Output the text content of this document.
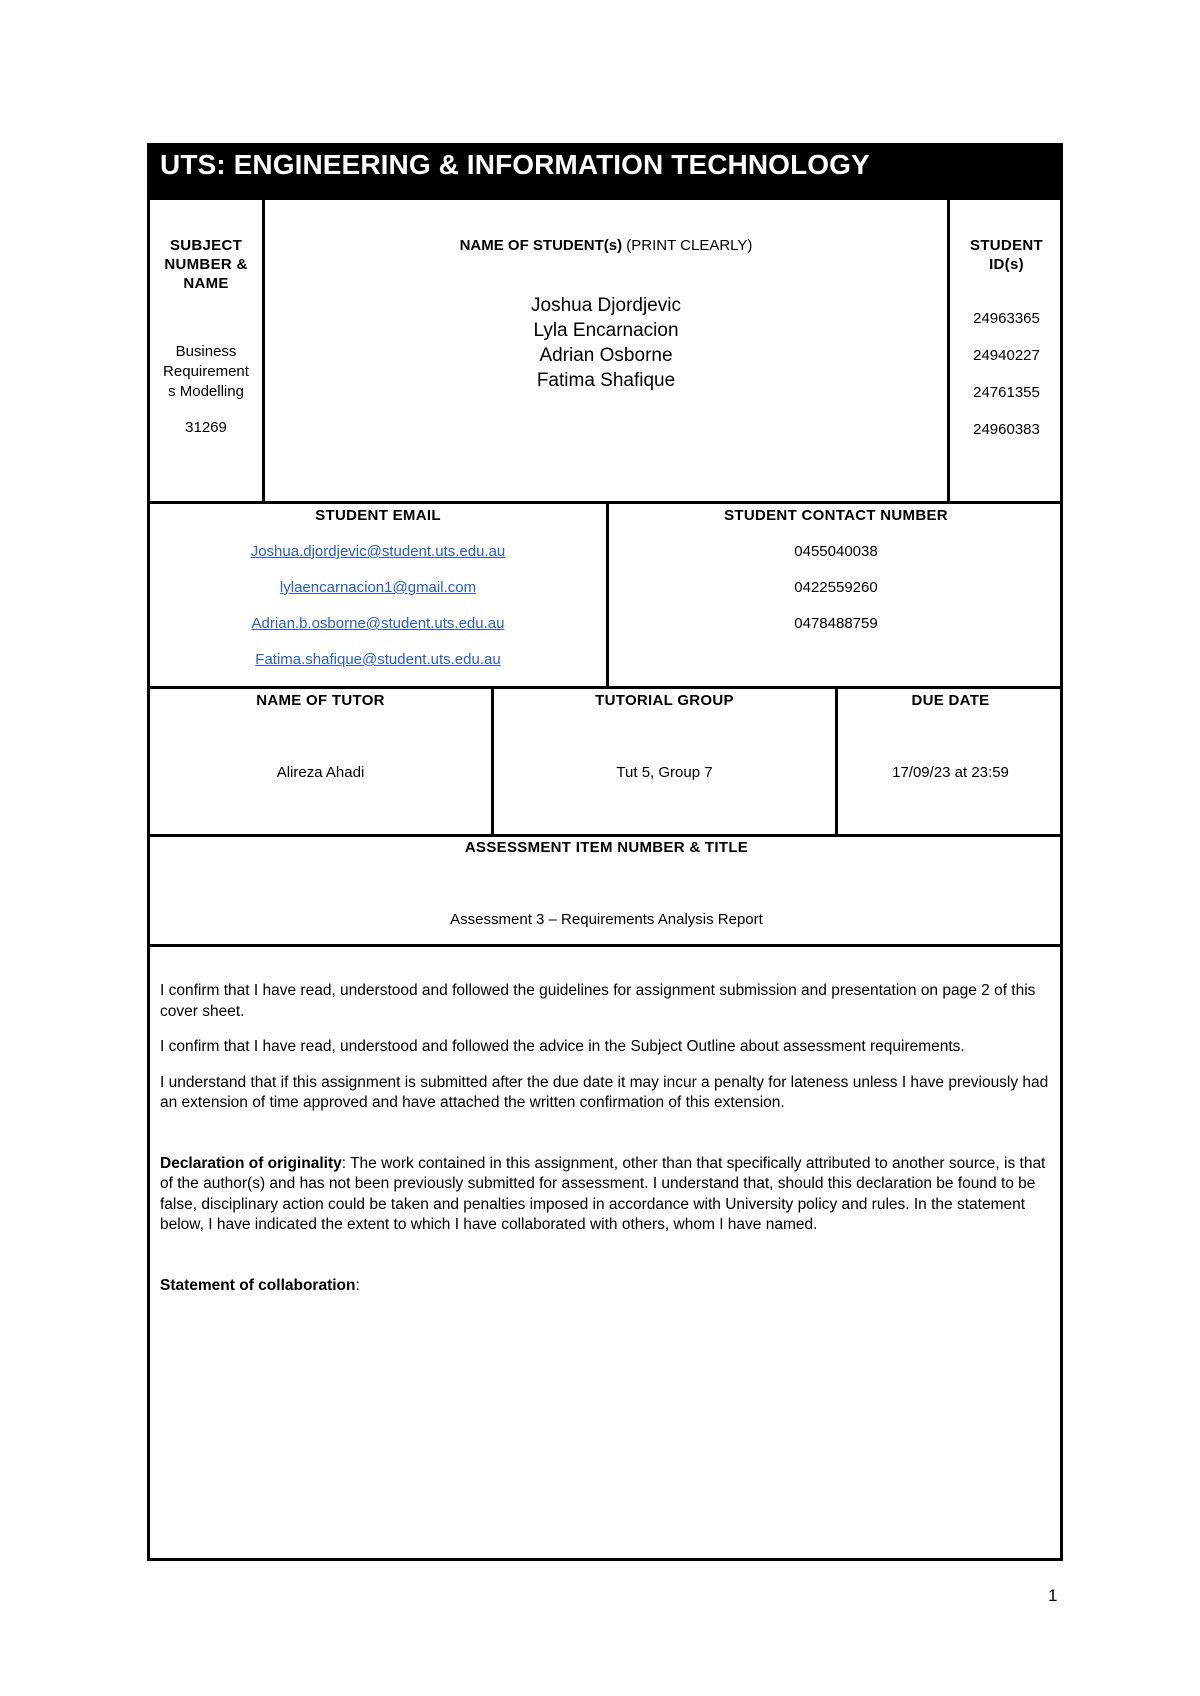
UTS: ENGINEERING & INFORMATION TECHNOLOGY
SUBJECT
NUMBER &
NAME
Business
Requirement
s Modelling
31269
NAME OF STUDENT(s) (PRINT CLEARLY)
Joshua Djordjevic
Lyla Encarnacion
Adrian Osborne
Fatima Shafique
STUDENT
ID(s)
24963365
24940227
24761355
24960383
STUDENT EMAIL
Joshua.djordjevic@student.uts.edu.au
lylaencarnacion1@gmail.com
Adrian.b.osborne@student.uts.edu.au
Fatima.shafique@student.uts.edu.au
STUDENT CONTACT NUMBER
0455040038
0422559260
0478488759
NAME OF TUTOR
Alireza Ahadi
TUTORIAL GROUP
Tut 5, Group 7
DUE DATE
17/09/23 at 23:59
ASSESSMENT ITEM NUMBER & TITLE
Assessment 3 – Requirements Analysis Report

I confirm that I have read, understood and followed the guidelines for assignment submission and presentation on page 2 of this cover sheet.

I confirm that I have read, understood and followed the advice in the Subject Outline about assessment requirements.

I understand that if this assignment is submitted after the due date it may incur a penalty for lateness unless I have previously had an extension of time approved and have attached the written confirmation of this extension.

Declaration of originality: The work contained in this assignment, other than that specifically attributed to another source, is that of the author(s) and has not been previously submitted for assessment. I understand that, should this declaration be found to be false, disciplinary action could be taken and penalties imposed in accordance with University policy and rules. In the statement below, I have indicated the extent to which I have collaborated with others, whom I have named.

Statement of collaboration:

1
